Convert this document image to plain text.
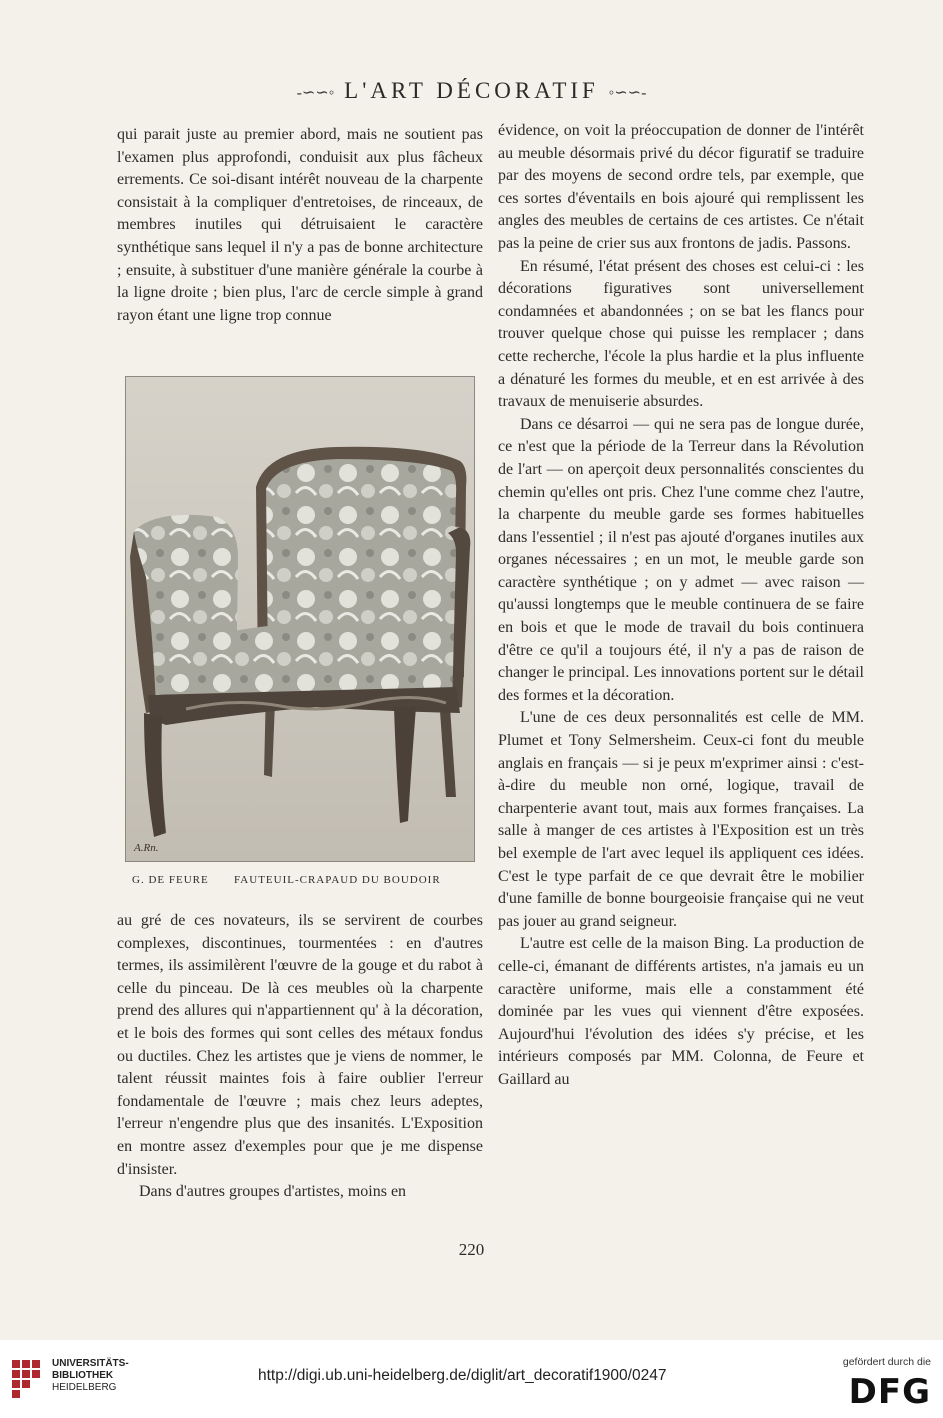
-∽∽◦ L'ART DÉCORATIF ◦∽∽-

qui parait juste au premier abord, mais ne soutient pas l'examen plus approfondi, conduisit aux plus fâcheux errements. Ce soi-disant intérêt nouveau de la charpente consistait à la compliquer d'entretoises, de rinceaux, de membres inutiles qui détruisaient le caractère synthétique sans lequel il n'y a pas de bonne architecture ; ensuite, à substituer d'une manière générale la courbe à la ligne droite ; bien plus, l'arc de cercle simple à grand rayon étant une ligne trop connue

A.Rn.
G. DE FEURE FAUTEUIL-CRAPAUD DU BOUDOIR

au gré de ces novateurs, ils se servirent de courbes complexes, discontinues, tourmentées : en d'autres termes, ils assimilèrent l'œuvre de la gouge et du rabot à celle du pinceau. De là ces meubles où la charpente prend des allures qui n'appartiennent qu' à la décoration, et le bois des formes qui sont celles des métaux fondus ou ductiles. Chez les artistes que je viens de nommer, le talent réussit maintes fois à faire oublier l'erreur fondamentale de l'œuvre ; mais chez leurs adeptes, l'erreur n'engendre plus que des insanités. L'Exposition en montre assez d'exemples pour que je me dispense d'insister.

Dans d'autres groupes d'artistes, moins en

évidence, on voit la préoccupation de donner de l'intérêt au meuble désormais privé du décor figuratif se traduire par des moyens de second ordre tels, par exemple, que ces sortes d'éventails en bois ajouré qui remplissent les angles des meubles de certains de ces artistes. Ce n'était pas la peine de crier sus aux frontons de jadis. Passons.

En résumé, l'état présent des choses est celui-ci : les décorations figuratives sont universellement condamnées et abandonnées ; on se bat les flancs pour trouver quelque chose qui puisse les remplacer ; dans cette recherche, l'école la plus hardie et la plus influente a dénaturé les formes du meuble, et en est arrivée à des travaux de menuiserie absurdes.

Dans ce désarroi — qui ne sera pas de longue durée, ce n'est que la période de la Terreur dans la Révolution de l'art — on aperçoit deux personnalités conscientes du chemin qu'elles ont pris. Chez l'une comme chez l'autre, la charpente du meuble garde ses formes habituelles dans l'essentiel ; il n'est pas ajouté d'organes inutiles aux organes nécessaires ; en un mot, le meuble garde son caractère synthétique ; on y admet — avec raison — qu'aussi longtemps que le meuble continuera de se faire en bois et que le mode de travail du bois continuera d'être ce qu'il a toujours été, il n'y a pas de raison de changer le principal. Les innovations portent sur le détail des formes et la décoration.

L'une de ces deux personnalités est celle de MM. Plumet et Tony Selmersheim. Ceux-ci font du meuble anglais en français — si je peux m'exprimer ainsi : c'est-à-dire du meuble non orné, logique, travail de charpenterie avant tout, mais aux formes françaises. La salle à manger de ces artistes à l'Exposition est un très bel exemple de l'art avec lequel ils appliquent ces idées. C'est le type parfait de ce que devrait être le mobilier d'une famille de bonne bourgeoisie française qui ne veut pas jouer au grand seigneur.

L'autre est celle de la maison Bing. La production de celle-ci, émanant de différents artistes, n'a jamais eu un caractère uniforme, mais elle a constamment été dominée par les vues qui viennent d'être exposées. Aujourd'hui l'évolution des idées s'y précise, et les intérieurs composés par MM. Colonna, de Feure et Gaillard au

220
UNIVERSITÄTS-
BIBLIOTHEK
HEIDELBERG
http://digi.ub.uni-heidelberg.de/diglit/art_decoratif1900/0247
gefördert durch die
DFG
